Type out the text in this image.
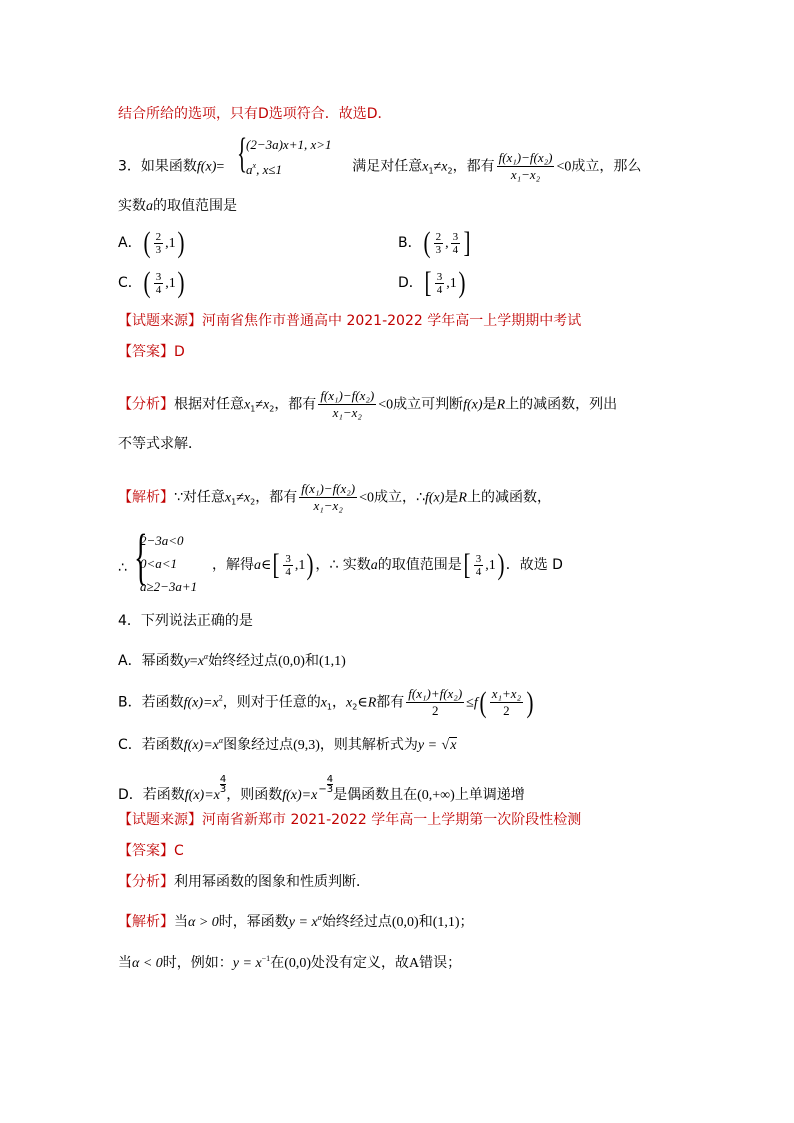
结合所给的选项，只有D选项符合．故选D．
3．如果函数f(x)=	满足对任意$x_1\ne x_2$，都有 $\frac{\text{f(x₁)−f(x₂)}}{\text{x₁−x₂}} <0$成立，那么
{
(2−3a)x+1, x>1
$a^x$, x≤1
实数a的取值范围是
A．( $\frac{2}{3} ,1$)	B．( $\frac{2}{3}$ , $\frac{3}{4}$ ]
C．( $\frac{3}{4} ,1$)	D．[ $\frac{3}{4} ,1$)
【试题来源】河南省焦作市普通高中 2021-2022 学年高一上学期期中考试
【答案】D
【分析】根据对任意$x_1\ne x_2$，都有 $\frac{\text{f(x₁)−f(x₂)}}{\text{x₁−x₂}} <0$成立可判断f(x)是R上的减函数，列出
不等式求解．
【解析】∵对任意$x_1\ne x_2$，都有 $\frac{\text{f(x₁)−f(x₂)}}{\text{x₁−x₂}} <0$成立，∴f(x)是R上的减函数，
∴ {
2−3a<0
0<a<1
a≥2−3a+1
，解得a∈[ $\frac{3}{4} ,1$) ，∴ 实数a的取值范围是[ $\frac{3}{4} ,1$) ．故选 D
4．下列说法正确的是
A．幂函数$y=x^\alpha$始终经过点(0,0)和(1,1)
B．若函数$f(x)=x^2$，则对于任意的$x_1$，$x_2\in R$都有 $\frac{\text{f(x₁)+f(x₂)}}{2} \le f( \frac{\text{x₁+x₂}}{2}$ )
C．若函数$f(x)=x^\alpha$图象经过点(9,3)，则其解析式为y = √x
D．若函数f(x)=x
$\frac{4}{3}$
，则函数$f(x)=x- \frac{4}{3}$
是偶函数且在(0,+∞)上单调递增
【试题来源】河南省新郑市 2021-2022 学年高一上学期第一次阶段性检测
【答案】C
【分析】利用幂函数的图象和性质判断．
【解析】当α > 0时，幂函数$y = x^\alpha$始终经过点(0,0)和(1,1)；
当α < 0时，例如：$y = x^{-1}$在(0,0)处没有定义，故A错误；
